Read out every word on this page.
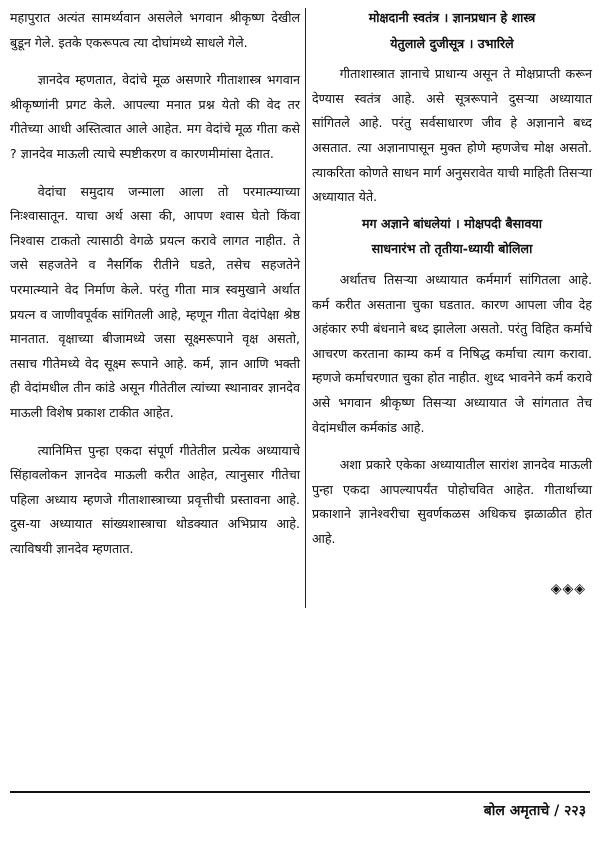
महापुरात अत्यंत सामर्थ्यवान असलेले भगवान श्रीकृष्ण देखील बुडून गेले. इतके एकरूपत्व त्या दोघांमध्ये साधले गेले.

ज्ञानदेव म्हणतात, वेदांचे मूळ असणारे गीताशास्त्र भगवान श्रीकृष्णांनी प्रगट केले. आपल्या मनात प्रश्न येतो की वेद तर गीतेच्या आधी अस्तित्वात आले आहेत. मग वेदांचे मूळ गीता कसे ? ज्ञानदेव माऊली त्याचे स्पष्टीकरण व कारणमीमांसा देतात.

वेदांचा समुदाय जन्माला आला तो परमात्म्याच्या निःश्वासातून. याचा अर्थ असा की, आपण श्वास घेतो किंवा निश्वास टाकतो त्यासाठी वेगळे प्रयत्न करावे लागत नाहीत. ते जसे सहजतेने व नैसर्गिक रीतीने घडते, तसेच सहजतेने परमात्म्याने वेद निर्माण केले. परंतु गीता मात्र स्वमुखाने अर्थात प्रयत्न व जाणीवपूर्वक सांगितली आहे, म्हणून गीता वेदांपेक्षा श्रेष्ठ मानतात. वृक्षाच्या बीजामध्ये जसा सूक्ष्मरूपाने वृक्ष असतो, तसाच गीतेमध्ये वेद सूक्ष्म रूपाने आहे. कर्म, ज्ञान आणि भक्ती ही वेदांमधील तीन कांडे असून गीतेतील त्यांच्या स्थानावर ज्ञानदेव माऊली विशेष प्रकाश टाकीत आहेत.

त्यानिमित्त पुन्हा एकदा संपूर्ण गीतेतील प्रत्येक अध्यायाचे सिंहावलोकन ज्ञानदेव माऊली करीत आहेत, त्यानुसार गीतेचा पहिला अध्याय म्हणजे गीताशास्त्राच्या प्रवृत्तीची प्रस्तावना आहे. दुस-या अध्यायात सांख्यशास्त्राचा थोडक्यात अभिप्राय आहे. त्याविषयी ज्ञानदेव म्हणतात.

मोक्षदानी स्वतंत्र । ज्ञानप्रधान हे शास्त्र
येतुलाले दुजीसूत्र । उभारिले

गीताशास्त्रात ज्ञानाचे प्राधान्य असून ते मोक्षप्राप्ती करून देण्यास स्वतंत्र आहे. असे सूत्ररूपाने दुसऱ्या अध्यायात सांगितले आहे. परंतु सर्वसाधारण जीव हे अज्ञानाने बध्द असतात. त्या अज्ञानापासून मुक्त होणे म्हणजेच मोक्ष असतो. त्याकरिता कोणते साधन मार्ग अनुसरावेत याची माहिती तिसऱ्या अध्यायात येते.

मग अज्ञाने बांधलेयां । मोक्षपदी बैसावया
साधनारंभ तो तृतीया-ध्यायी बोलिला

अर्थातच तिसऱ्या अध्यायात कर्ममार्ग सांगितला आहे. कर्म करीत असताना चुका घडतात. कारण आपला जीव देह अहंकार रुपी बंधनाने बध्द झालेला असतो. परंतु विहित कर्माचे आचरण करताना काम्य कर्म व निषिद्ध कर्माचा त्याग करावा. म्हणजे कर्माचरणात चुका होत नाहीत. शुध्द भावनेने कर्म करावे असे भगवान श्रीकृष्ण तिसऱ्या अध्यायात जे सांगतात तेच वेदांमधील कर्मकांड आहे.

अशा प्रकारे एकेका अध्यायातील सारांश ज्ञानदेव माऊली पुन्हा एकदा आपल्यापर्यंत पोहोचवित आहेत. गीतार्थाच्या प्रकाशाने ज्ञानेश्वरीचा सुवर्णकळस अधिकच झळाळीत होत आहे.

◈◈◈
बोल अमृताचे / २२३
